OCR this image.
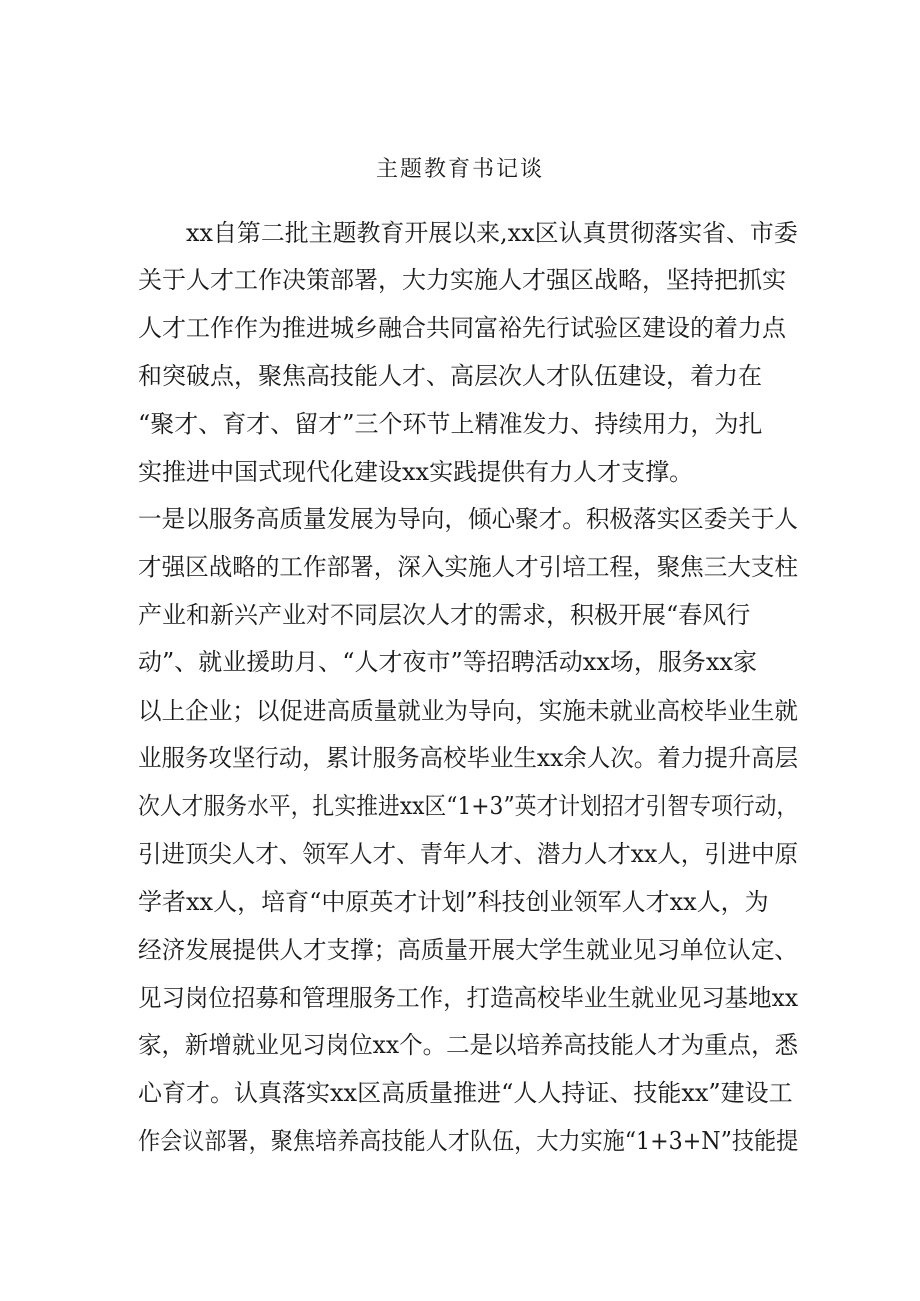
主题教育书记谈
xx自第二批主题教育开展以来,xx区认真贯彻落实省、市委
关于人才工作决策部署，大力实施人才强区战略，坚持把抓实
人才工作作为推进城乡融合共同富裕先行试验区建设的着力点
和突破点，聚焦高技能人才、高层次人才队伍建设，着力在
“聚才、育才、留才”三个环节上精准发力、持续用力，为扎
实推进中国式现代化建设xx实践提供有力人才支撑。
一是以服务高质量发展为导向，倾心聚才。积极落实区委关于人
才强区战略的工作部署，深入实施人才引培工程，聚焦三大支柱
产业和新兴产业对不同层次人才的需求，积极开展“春风行
动”、就业援助月、“人才夜市”等招聘活动xx场，服务xx家
以上企业；以促进高质量就业为导向，实施未就业高校毕业生就
业服务攻坚行动，累计服务高校毕业生xx余人次。着力提升高层
次人才服务水平，扎实推进xx区“1+3”英才计划招才引智专项行动，
引进顶尖人才、领军人才、青年人才、潜力人才xx人，引进中原
学者xx人，培育“中原英才计划”科技创业领军人才xx人，为
经济发展提供人才支撑；高质量开展大学生就业见习单位认定、
见习岗位招募和管理服务工作，打造高校毕业生就业见习基地xx
家，新增就业见习岗位xx个。二是以培养高技能人才为重点，悉
心育才。认真落实xx区高质量推进“人人持证、技能xx”建设工
作会议部署，聚焦培养高技能人才队伍，大力实施“1+3+N”技能提
